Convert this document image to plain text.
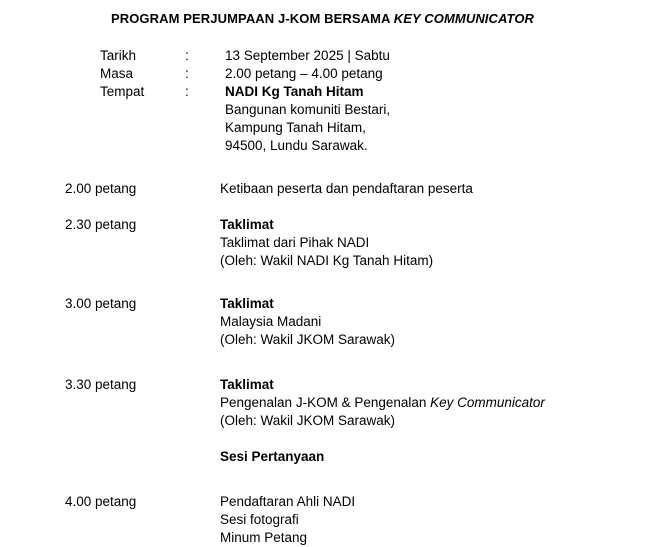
PROGRAM PERJUMPAAN J-KOM BERSAMA KEY COMMUNICATOR
Tarikh	:	13 September 2025 | Sabtu
Masa	:	2.00 petang – 4.00 petang
Tempat	:	NADI Kg Tanah Hitam
Bangunan komuniti Bestari,
Kampung Tanah Hitam,
94500, Lundu Sarawak.
2.00 petang	Ketibaan peserta dan pendaftaran peserta
2.30 petang	Taklimat
Taklimat dari Pihak NADI
(Oleh: Wakil NADI Kg Tanah Hitam)
3.00 petang	Taklimat
Malaysia Madani
(Oleh: Wakil JKOM Sarawak)
3.30 petang	Taklimat
Pengenalan J-KOM & Pengenalan Key Communicator
(Oleh: Wakil JKOM Sarawak)
Sesi Pertanyaan
4.00 petang	Pendaftaran Ahli NADI
Sesi fotografi
Minum Petang
